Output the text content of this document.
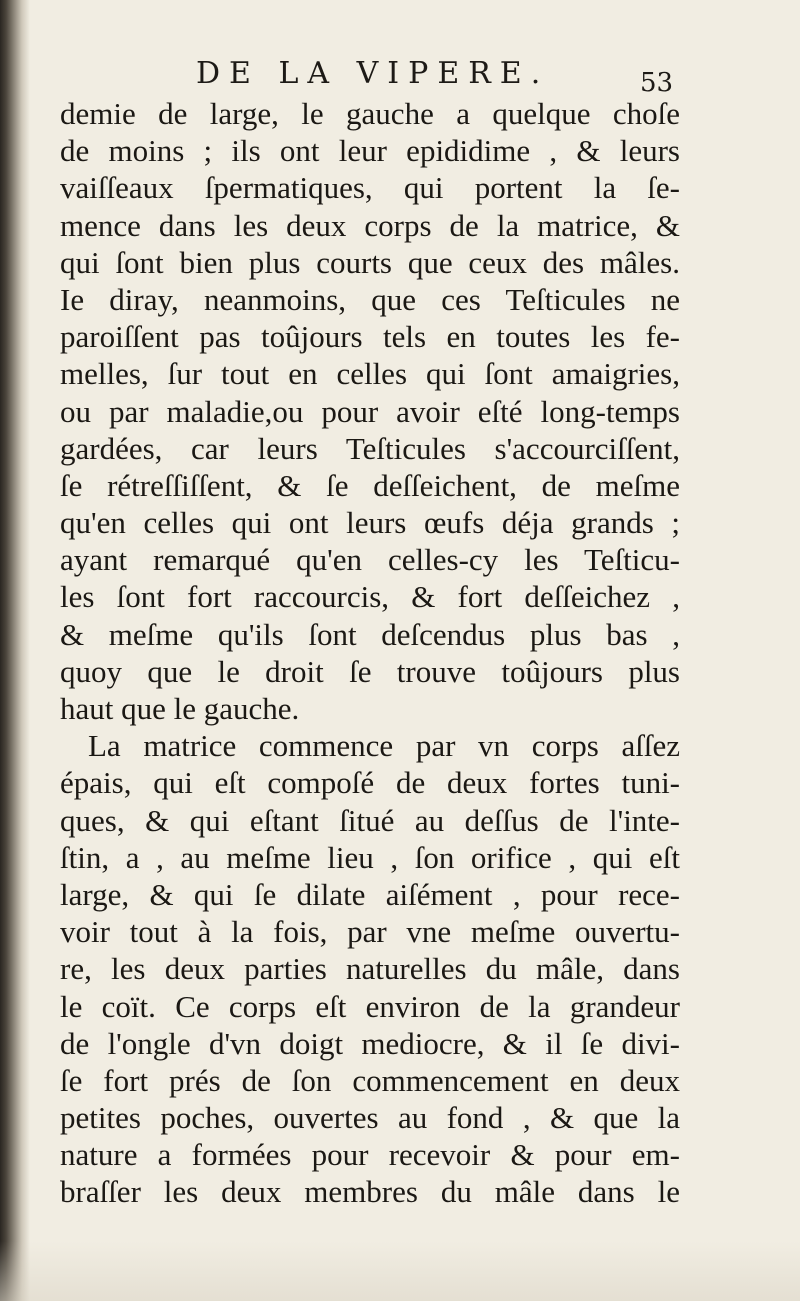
DE LA VIPERE.	53
demie de large, le gauche a quelque choſe
de moins ; ils ont leur epididime , & leurs
vaiſſeaux ſpermatiques, qui portent la ſe-
mence dans les deux corps de la matrice, &
qui ſont bien plus courts que ceux des mâles.
Ie diray, neanmoins, que ces Teſticules ne
paroiſſent pas toûjours tels en toutes les fe-
melles, ſur tout en celles qui ſont amaigries,
ou par maladie,ou pour avoir eſté long-temps
gardées, car leurs Teſticules s'accourciſſent,
ſe rétreſſiſſent, & ſe deſſeichent, de meſme
qu'en celles qui ont leurs œufs déja grands ;
ayant remarqué qu'en celles-cy les Teſticu-
les ſont fort raccourcis, & fort deſſeichez ,
& meſme qu'ils ſont deſcendus plus bas ,
quoy que le droit ſe trouve toûjours plus
haut que le gauche.
La matrice commence par vn corps aſſez
épais, qui eſt compoſé de deux fortes tuni-
ques, & qui eſtant ſitué au deſſus de l'inte-
ſtin, a , au meſme lieu , ſon orifice , qui eſt
large, & qui ſe dilate aiſément , pour rece-
voir tout à la fois, par vne meſme ouvertu-
re, les deux parties naturelles du mâle, dans
le coït. Ce corps eſt environ de la grandeur
de l'ongle d'vn doigt mediocre, & il ſe divi-
ſe fort prés de ſon commencement en deux
petites poches, ouvertes au fond , & que la
nature a formées pour recevoir & pour em-
braſſer les deux membres du mâle dans le
